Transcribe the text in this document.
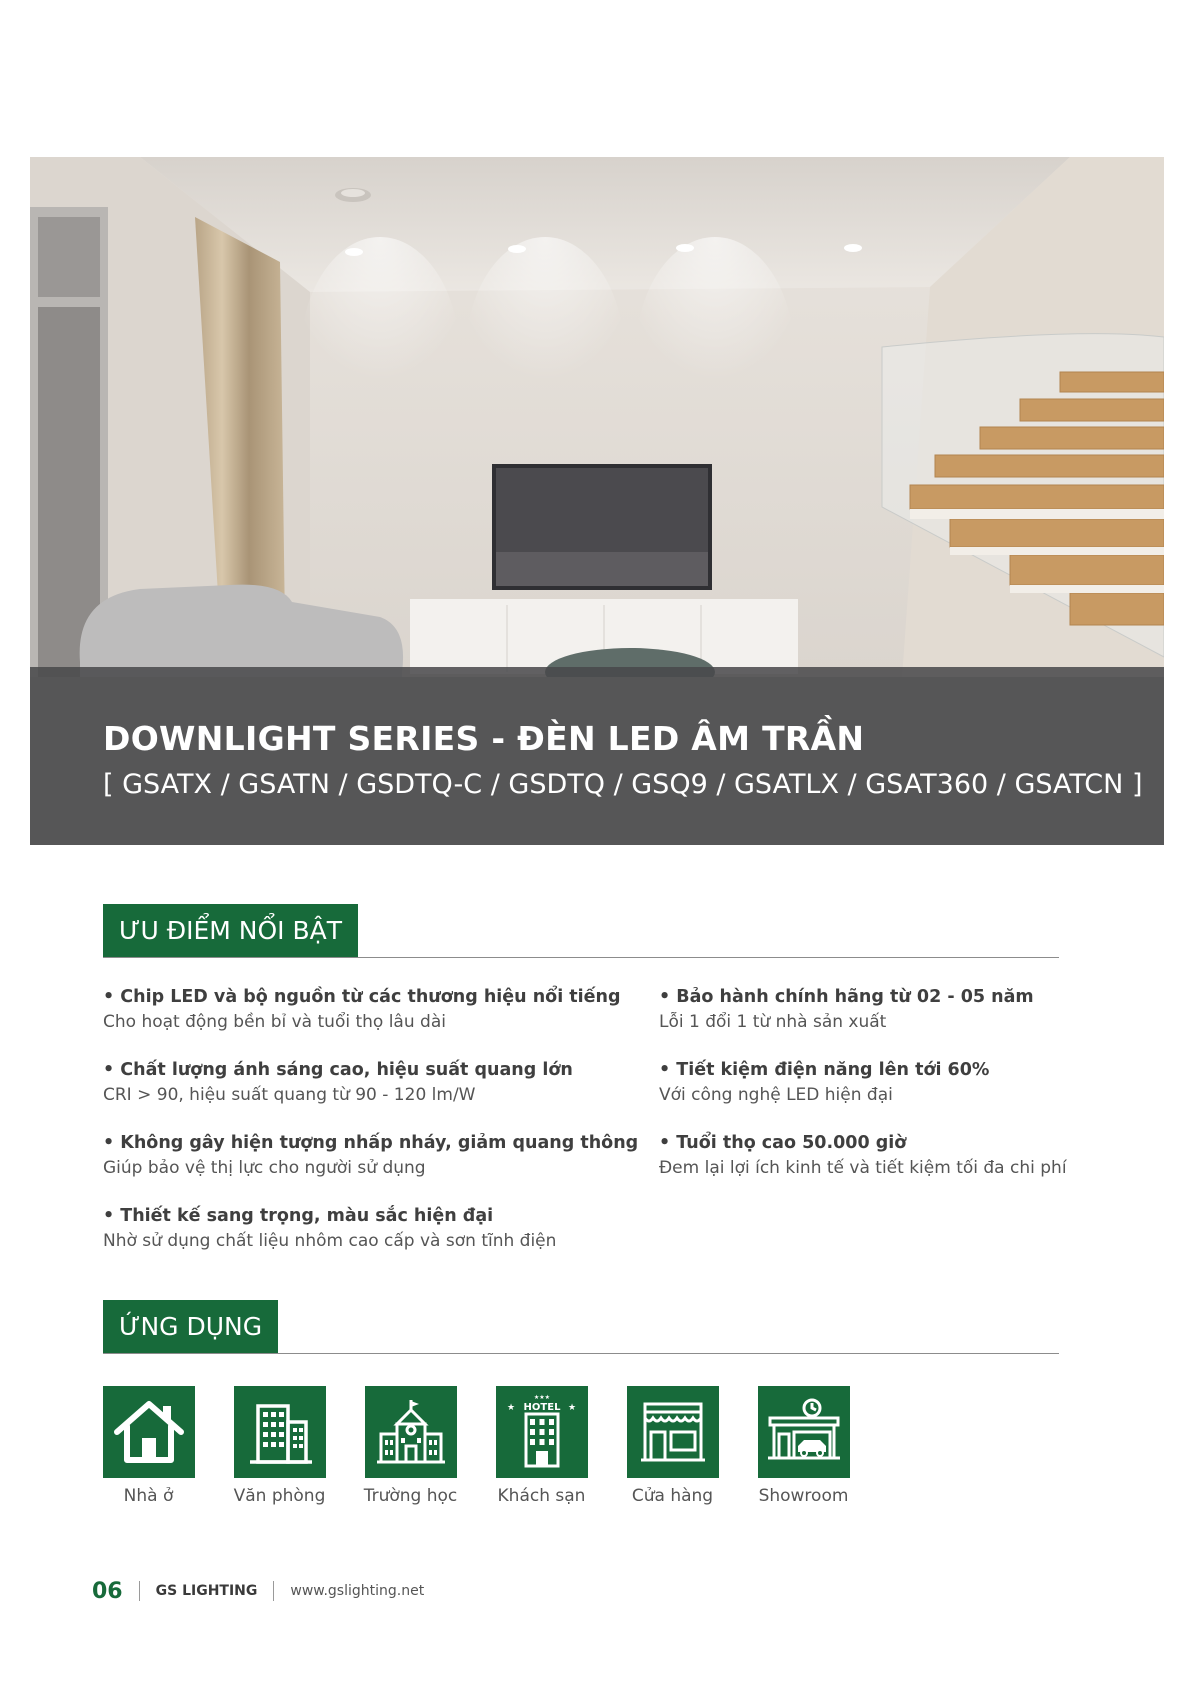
DOWNLIGHT SERIES - ĐÈN LED ÂM TRẦN

[ GSATX / GSATN / GSDTQ-C / GSDTQ / GSQ9 / GSATLX / GSAT360 / GSATCN ]

ƯU ĐIỂM NỔI BẬT

• Chip LED và bộ nguồn từ các thương hiệu nổi tiếng

Cho hoạt động bền bỉ và tuổi thọ lâu dài

• Chất lượng ánh sáng cao, hiệu suất quang lớn

CRI > 90, hiệu suất quang từ 90 - 120 lm/W

• Không gây hiện tượng nhấp nháy, giảm quang thông

Giúp bảo vệ thị lực cho người sử dụng

• Thiết kế sang trọng, màu sắc hiện đại

Nhờ sử dụng chất liệu nhôm cao cấp và sơn tĩnh điện

• Bảo hành chính hãng từ 02 - 05 năm

Lỗi 1 đổi 1 từ nhà sản xuất

• Tiết kiệm điện năng lên tới 60%

Với công nghệ LED hiện đại

• Tuổi thọ cao 50.000 giờ

Đem lại lợi ích kinh tế và tiết kiệm tối đa chi phí

ỨNG DỤNG
Nhà ở	Văn phòng	Trường học
★★★
★	★
HOTEL
Khách sạn	Cửa hàng	Showroom
06 GS LIGHTING www.gslighting.net
